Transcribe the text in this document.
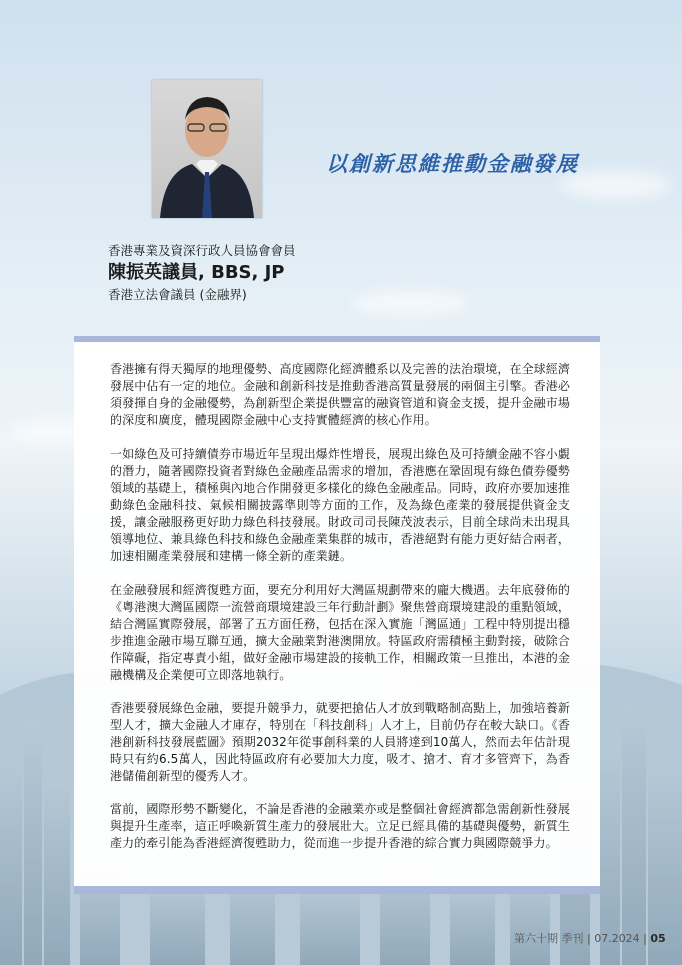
以創新思維推動金融發展
香港專業及資深行政人員協會會員
陳振英議員, BBS, JP
香港立法會議員 (金融界)
香港擁有得天獨厚的地理優勢、高度國際化經濟體系以及完善的法治環境，在全球經濟發展中佔有一定的地位。金融和創新科技是推動香港高質量發展的兩個主引擎。香港必須發揮自身的金融優勢，為創新型企業提供豐富的融資管道和資金支援，提升金融市場的深度和廣度，體現國際金融中心支持實體經濟的核心作用。
一如綠色及可持續債券市場近年呈現出爆炸性增長，展現出綠色及可持續金融不容小覷的潛力，隨著國際投資者對綠色金融產品需求的增加，香港應在鞏固現有綠色債券優勢領域的基礎上，積極與內地合作開發更多樣化的綠色金融產品。同時，政府亦要加速推動綠色金融科技、氣候相關披露準則等方面的工作，及為綠色產業的發展提供資金支援，讓金融服務更好助力綠色科技發展。財政司司長陳茂波表示，目前全球尚未出現具領導地位、兼具綠色科技和綠色金融產業集群的城市，香港絕對有能力更好結合兩者，加速相關產業發展和建構一條全新的產業鏈。
在金融發展和經濟復甦方面，要充分利用好大灣區規劃帶來的龐大機遇。去年底發佈的《粵港澳大灣區國際一流營商環境建設三年行動計劃》聚焦營商環境建設的重點領域，結合灣區實際發展，部署了五方面任務，包括在深入實施「灣區通」工程中特別提出穩步推進金融市場互聯互通，擴大金融業對港澳開放。特區政府需積極主動對接，破除合作障礙，指定專責小組，做好金融市場建設的接軌工作，相關政策一旦推出，本港的金融機構及企業便可立即落地執行。
香港要發展綠色金融，要提升競爭力，就要把搶佔人才放到戰略制高點上，加強培養新型人才，擴大金融人才庫存，特別在「科技創科」人才上，目前仍存在較大缺口。《香港創新科技發展藍圖》預期2032年從事創科業的人員將達到10萬人，然而去年估計現時只有約6.5萬人，因此特區政府有必要加大力度，吸才、搶才、育才多管齊下，為香港儲備創新型的優秀人才。
當前，國際形勢不斷變化，不論是香港的金融業亦或是整個社會經濟都急需創新性發展與提升生產率，這正呼喚新質生產力的發展壯大。立足已經具備的基礎與優勢，新質生產力的牽引能為香港經濟復甦助力，從而進一步提升香港的綜合實力與國際競爭力。
第六十期 季刊 | 07.2024 | 05
